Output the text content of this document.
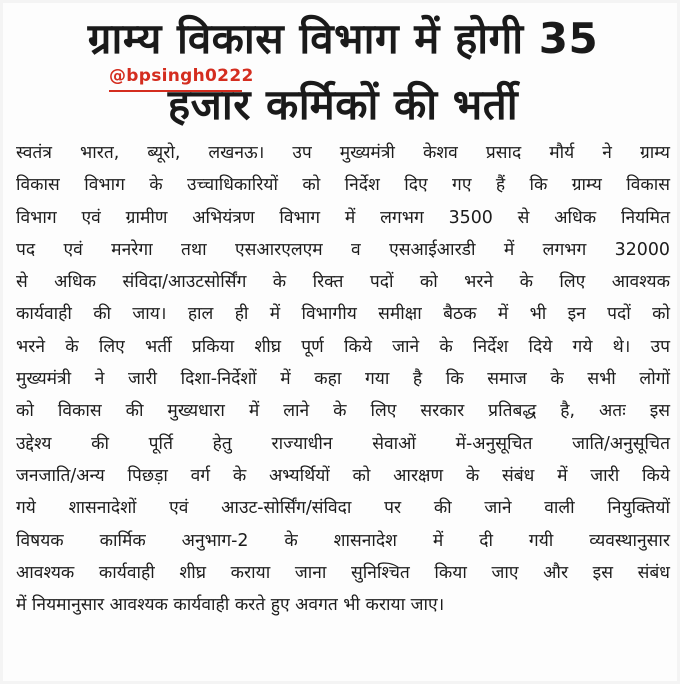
ग्राम्य विकास विभाग में होगी 35
@bpsingh0222
हजार कर्मिकों की भर्ती
स्वतंत्र भारत, ब्यूरो, लखनऊ। उप मुख्यमंत्री केशव प्रसाद मौर्य ने ग्राम्य
विकास विभाग के उच्चाधिकारियों को निर्देश दिए गए हैं कि ग्राम्य विकास
विभाग एवं ग्रामीण अभियंत्रण विभाग में लगभग 3500 से अधिक नियमित
पद एवं मनरेगा तथा एसआरएलएम व एसआईआरडी में लगभग 32000
से अधिक संविदा/आउटसोर्सिंग के रिक्त पदों को भरने के लिए आवश्यक
कार्यवाही की जाय। हाल ही में विभागीय समीक्षा बैठक में भी इन पदों को
भरने के लिए भर्ती प्रकिया शीघ्र पूर्ण किये जाने के निर्देश दिये गये थे। उप
मुख्यमंत्री ने जारी दिशा-निर्देशों में कहा गया है कि समाज के सभी लोगों
को विकास की मुख्यधारा में लाने के लिए सरकार प्रतिबद्ध है, अतः इस
उद्देश्य की पूर्ति हेतु राज्याधीन सेवाओं में-अनुसूचित जाति/अनुसूचित
जनजाति/अन्य पिछड़ा वर्ग के अभ्यर्थियों को आरक्षण के संबंध में जारी किये
गये शासनादेशों एवं आउट-सोर्सिंग/संविदा पर की जाने वाली नियुक्तियों
विषयक कार्मिक अनुभाग-2 के शासनादेश में दी गयी व्यवस्थानुसार
आवश्यक कार्यवाही शीघ्र कराया जाना सुनिश्चित किया जाए और इस संबंध
में नियमानुसार आवश्यक कार्यवाही करते हुए अवगत भी कराया जाए।
